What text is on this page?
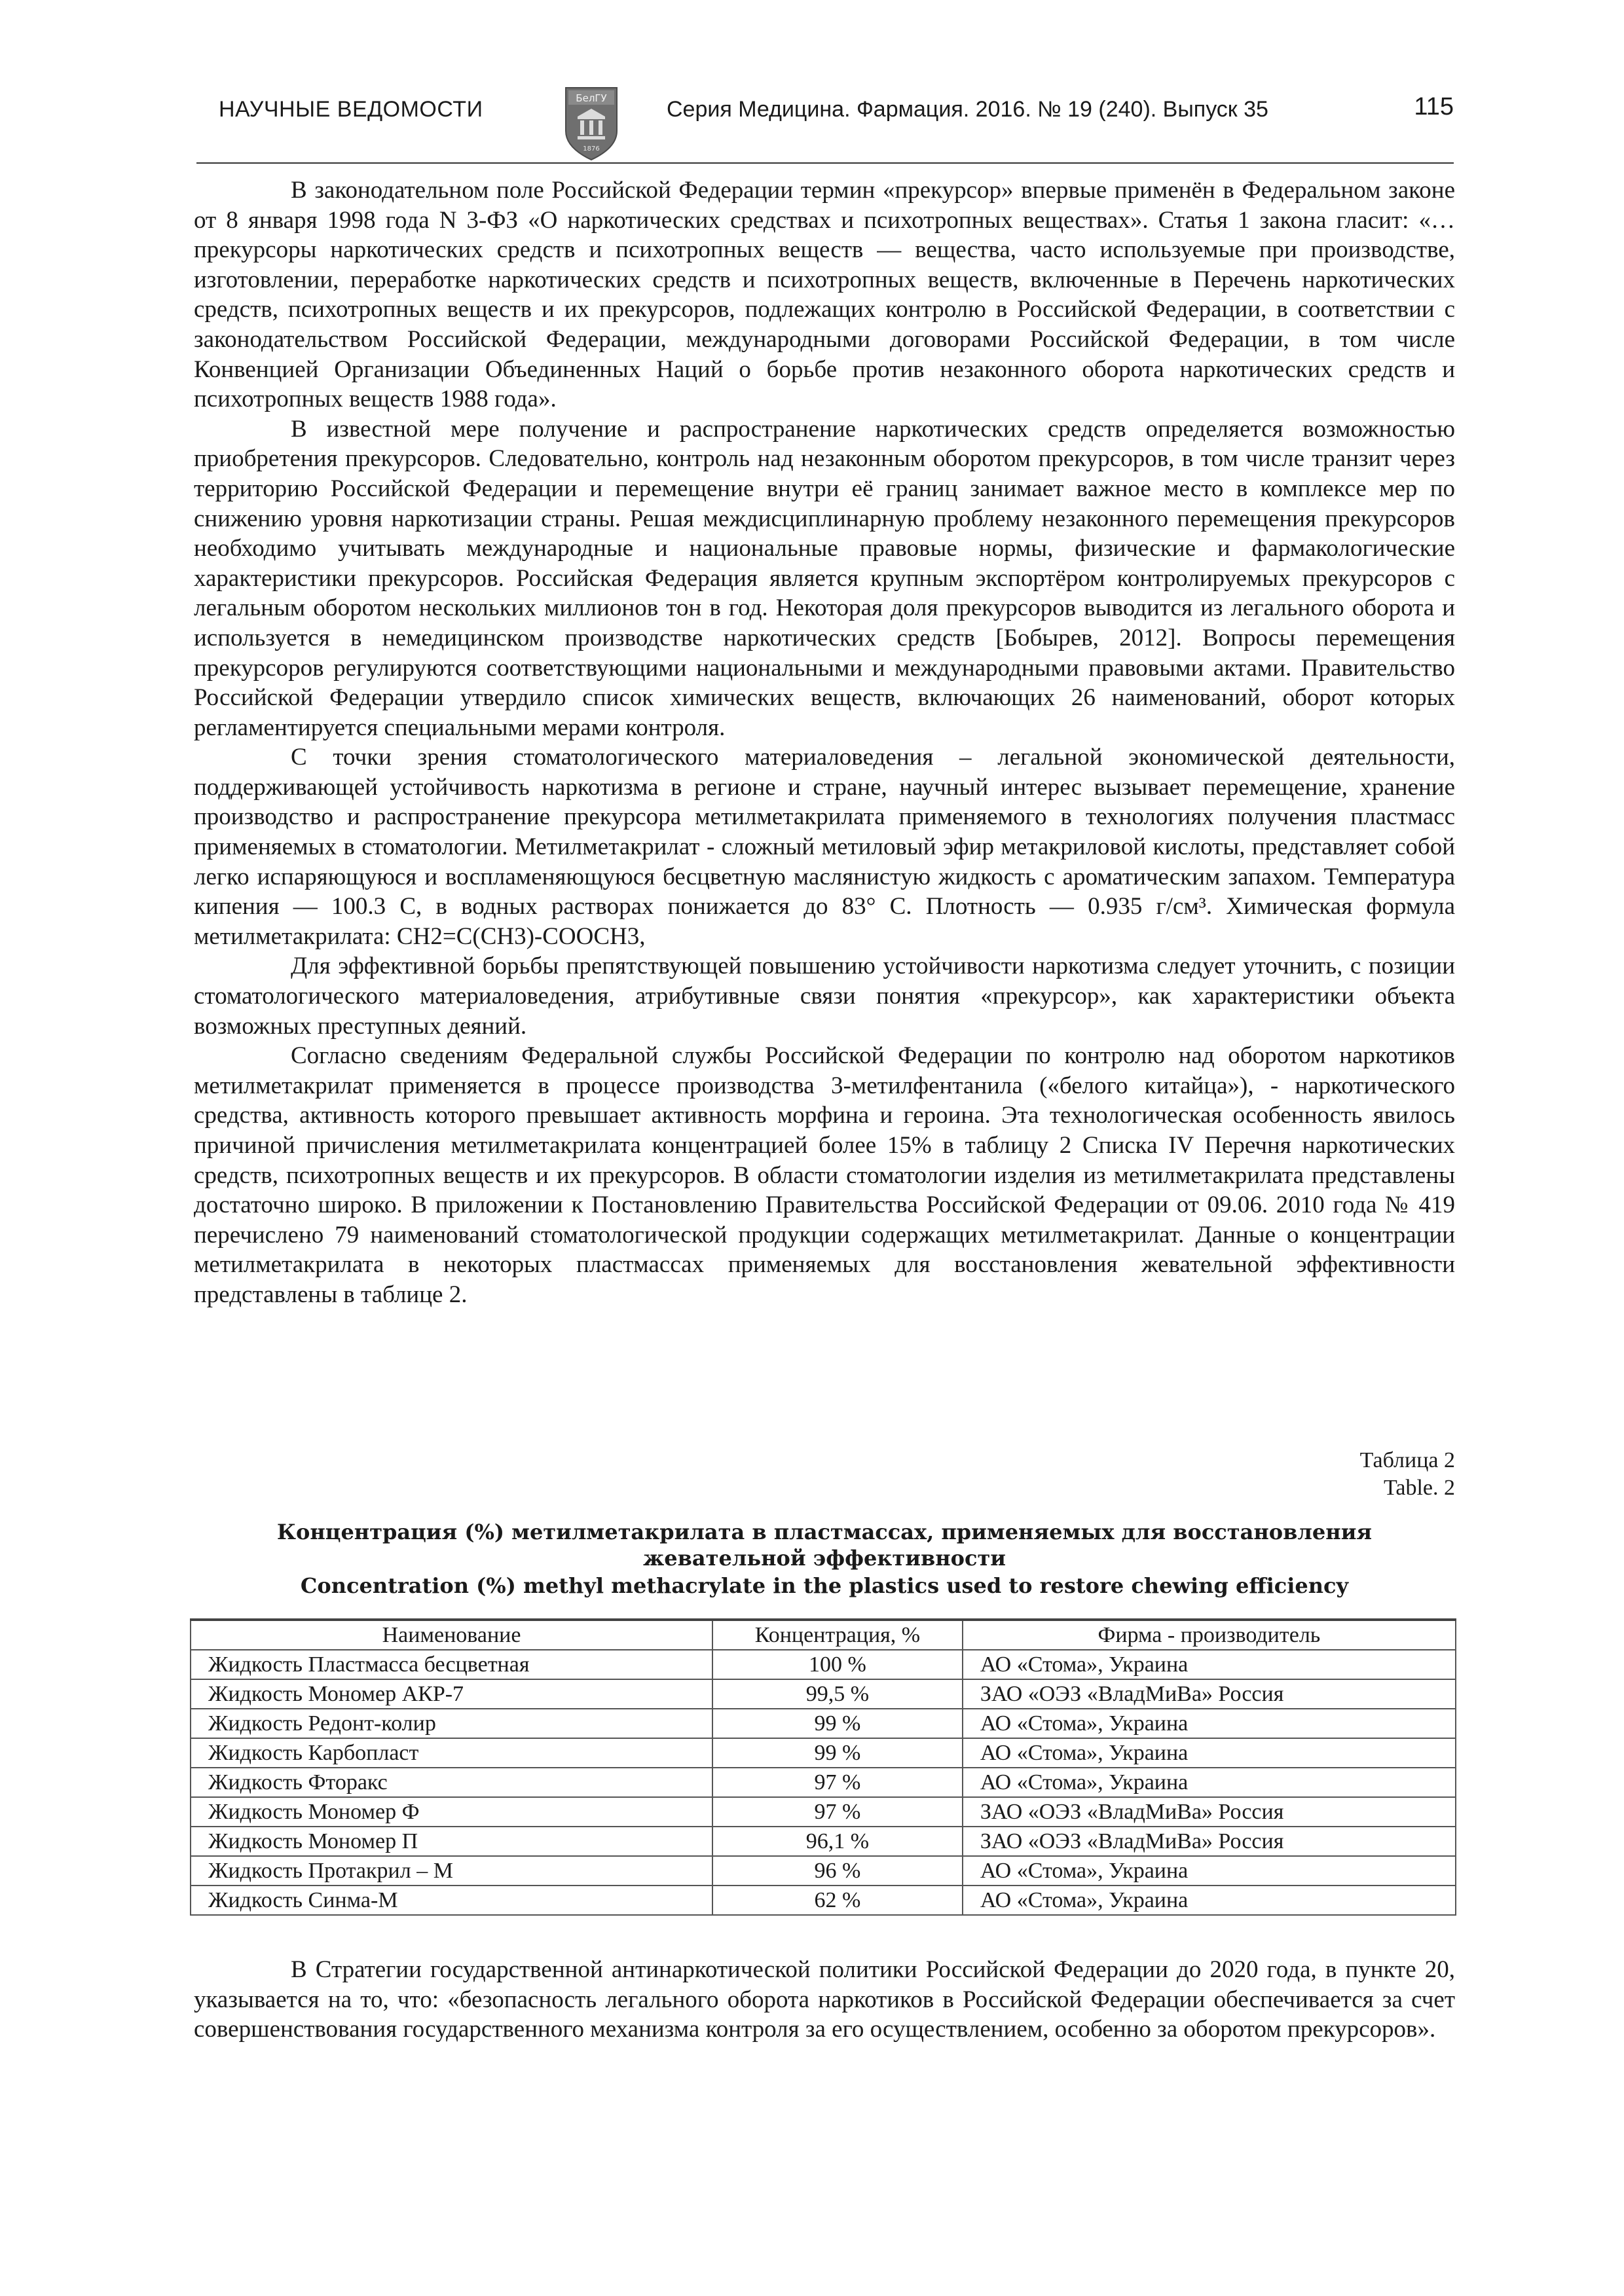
НАУЧНЫЕ ВЕДОМОСТИ	БелГУ
1876
Серия Медицина. Фармация. 2016. № 19 (240). Выпуск 35	115

В законодательном поле Российской Федерации термин «прекурсор» впервые применён в Федеральном законе от 8 января 1998 года N 3-ФЗ «О наркотических средствах и психотропных веществах». Статья 1 закона гласит: «…прекурсоры наркотических средств и психотропных веществ — вещества, часто используемые при производстве, изготовлении, переработке наркотических средств и психотропных веществ, включенные в Перечень наркотических средств, психотропных веществ и их прекурсоров, подлежащих контролю в Российской Федерации, в соответствии с законодательством Российской Федерации, международными договорами Российской Федерации, в том числе Конвенцией Организации Объединенных Наций о борьбе против незаконного оборота наркотических средств и психотропных веществ 1988 года».

В известной мере получение и распространение наркотических средств определяется возможностью приобретения прекурсоров. Следовательно, контроль над незаконным оборотом прекурсоров, в том числе транзит через территорию Российской Федерации и перемещение внутри её границ занимает важное место в комплексе мер по снижению уровня наркотизации страны. Решая междисциплинарную проблему незаконного перемещения прекурсоров необходимо учитывать международные и национальные правовые нормы, физические и фармакологические характеристики прекурсоров. Российская Федерация является крупным экспортёром контролируемых прекурсоров с легальным оборотом нескольких миллионов тон в год. Некоторая доля прекурсоров выводится из легального оборота и используется в немедицинском производстве наркотических средств [Бобырев, 2012]. Вопросы перемещения прекурсоров регулируются соответствующими национальными и международными правовыми актами. Правительство Российской Федерации утвердило список химических веществ, включающих 26 наименований, оборот которых регламентируется специальными мерами контроля.

С точки зрения стоматологического материаловедения – легальной экономической деятельности, поддерживающей устойчивость наркотизма в регионе и стране, научный интерес вызывает перемещение, хранение производство и распространение прекурсора метилметакрилата применяемого в технологиях получения пластмасс применяемых в стоматологии. Метилметакрилат - сложный метиловый эфир метакриловой кислоты, представляет собой легко испаряющуюся и воспламеняющуюся бесцветную маслянистую жидкость с ароматическим запахом. Температура кипения — 100.3 С, в водных растворах понижается до 83° С. Плотность — 0.935 г/см³. Химическая формула метилметакрилата: CH2=C(CH3)-COOCH3,

Для эффективной борьбы препятствующей повышению устойчивости наркотизма следует уточнить, с позиции стоматологического материаловедения, атрибутивные связи понятия «прекурсор», как характеристики объекта возможных преступных деяний.

Согласно сведениям Федеральной службы Российской Федерации по контролю над оборотом наркотиков метилметакрилат применяется в процессе производства 3-метилфентанила («белого китайца»), - наркотического средства, активность которого превышает активность морфина и героина. Эта технологическая особенность явилось причиной причисления метилметакрилата концентрацией более 15% в таблицу 2 Списка IV Перечня наркотических средств, психотропных веществ и их прекурсоров. В области стоматологии изделия из метилметакрилата представлены достаточно широко. В приложении к Постановлению Правительства Российской Федерации от 09.06. 2010 года № 419 перечислено 79 наименований стоматологической продукции содержащих метилметакрилат. Данные о концентрации метилметакрилата в некоторых пластмассах применяемых для восстановления жевательной эффективности представлены в таблице 2.

Таблица 2
Table. 2
Концентрация (%) метилметакрилата в пластмассах, применяемых для восстановления жевательной эффективности
Concentration (%) methyl methacrylate in the plastics used to restore chewing efficiency
Наименование	Концентрация, %	Фирма - производитель
Жидкость Пластмасса бесцветная	100 %	АО «Стома», Украина
Жидкость Мономер АКР-7	99,5 %	ЗАО «ОЭЗ «ВладМиВа» Россия
Жидкость Редонт-колир	99 %	АО «Стома», Украина
Жидкость Карбопласт	99 %	АО «Стома», Украина
Жидкость Фторакс	97 %	АО «Стома», Украина
Жидкость Мономер Ф	97 %	ЗАО «ОЭЗ «ВладМиВа» Россия
Жидкость Мономер П	96,1 %	ЗАО «ОЭЗ «ВладМиВа» Россия
Жидкость Протакрил – М	96 %	АО «Стома», Украина
Жидкость Синма-М	62 %	АО «Стома», Украина

В Стратегии государственной антинаркотической политики Российской Федерации до 2020 года, в пункте 20, указывается на то, что: «безопасность легального оборота наркотиков в Российской Федерации обеспечивается за счет совершенствования государственного механизма контроля за его осуществлением, особенно за оборотом прекурсоров».
